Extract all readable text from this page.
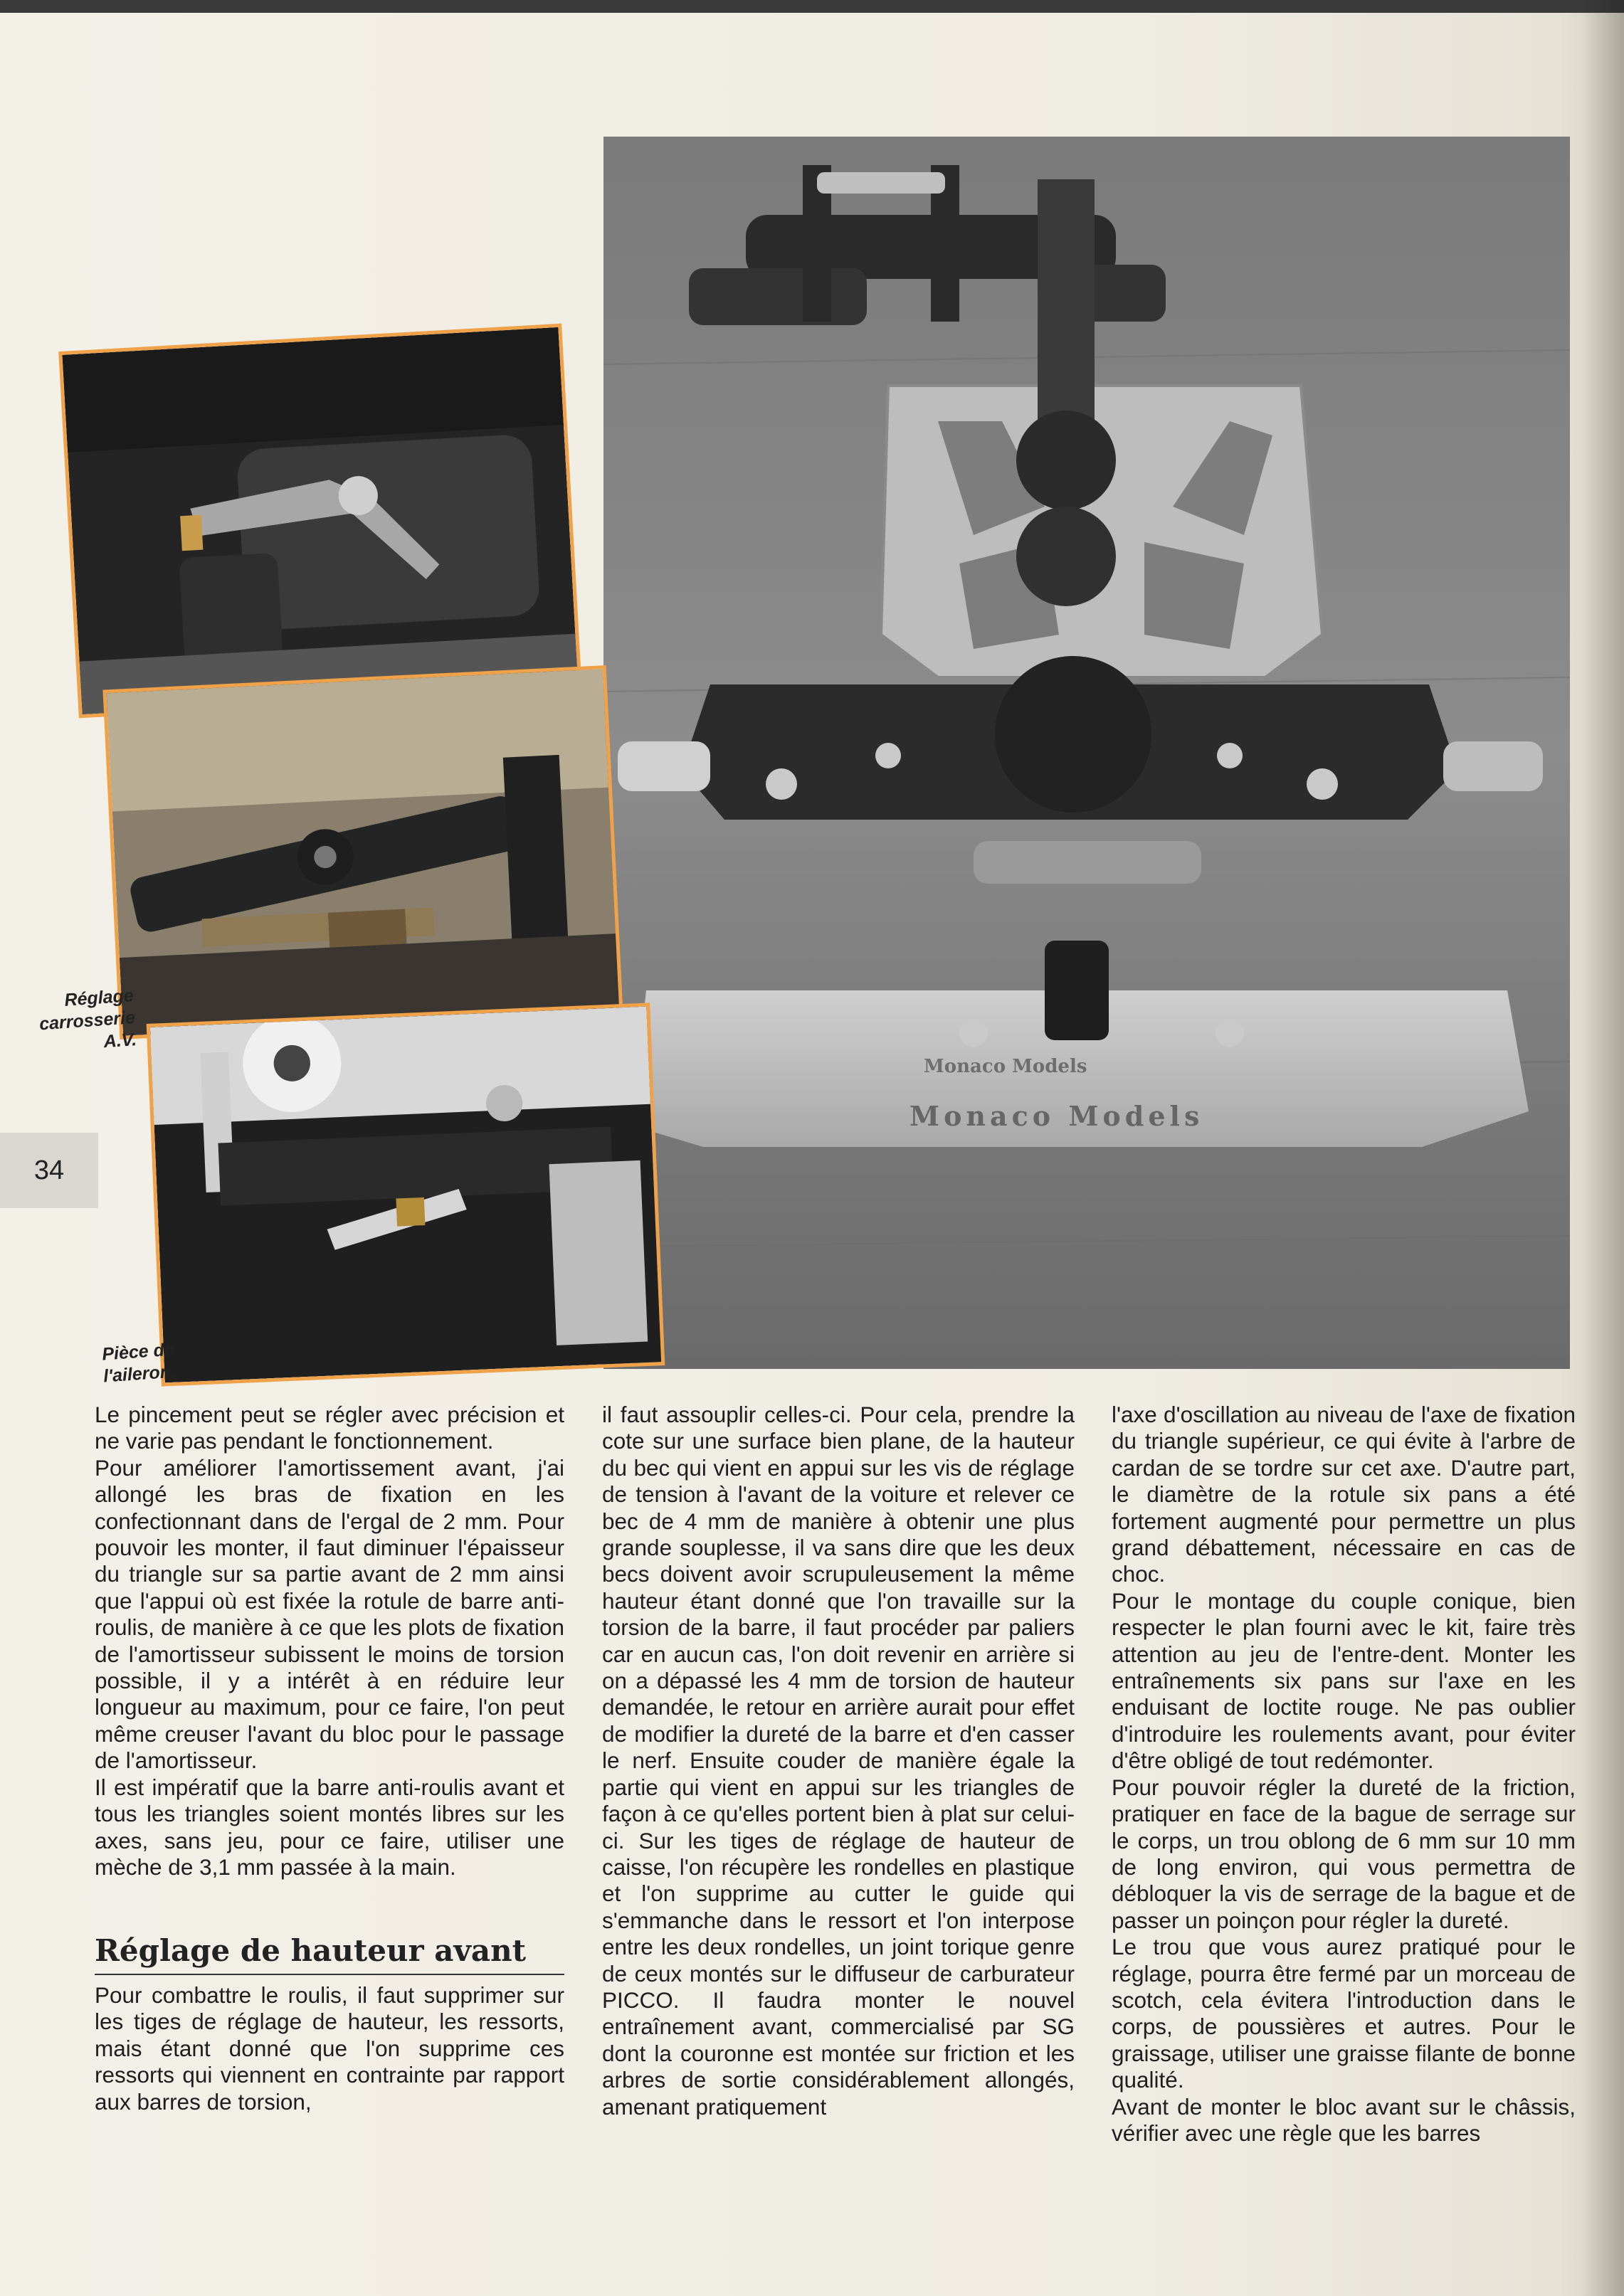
Monaco Models
Monaco Models
Réglage carrosserie A.V.
Pièce de l'aileron.
34

Le pincement peut se régler avec précision et ne varie pas pendant le fonctionnement.

Pour améliorer l'amortissement avant, j'ai allongé les bras de fixation en les confectionnant dans de l'ergal de 2 mm. Pour pouvoir les monter, il faut diminuer l'épaisseur du triangle sur sa partie avant de 2 mm ainsi que l'appui où est fixée la rotule de barre anti-roulis, de manière à ce que les plots de fixation de l'amortisseur subissent le moins de torsion possible, il y a intérêt à en réduire leur longueur au maximum, pour ce faire, l'on peut même creuser l'avant du bloc pour le passage de l'amortisseur.

Il est impératif que la barre anti-roulis avant et tous les triangles soient montés libres sur les axes, sans jeu, pour ce faire, utiliser une mèche de 3,1 mm passée à la main.

Réglage de hauteur avant

Pour combattre le roulis, il faut supprimer sur les tiges de réglage de hauteur, les ressorts, mais étant donné que l'on supprime ces ressorts qui viennent en contrainte par rapport aux barres de torsion,

il faut assouplir celles-ci. Pour cela, prendre la cote sur une surface bien plane, de la hauteur du bec qui vient en appui sur les vis de réglage de tension à l'avant de la voiture et relever ce bec de 4 mm de manière à obtenir une plus grande souplesse, il va sans dire que les deux becs doivent avoir scrupuleusement la même hauteur étant donné que l'on travaille sur la torsion de la barre, il faut procéder par paliers car en aucun cas, l'on doit revenir en arrière si on a dépassé les 4 mm de torsion de hauteur demandée, le retour en arrière aurait pour effet de modifier la dureté de la barre et d'en casser le nerf. Ensuite couder de manière égale la partie qui vient en appui sur les triangles de façon à ce qu'elles portent bien à plat sur celui-ci. Sur les tiges de réglage de hauteur de caisse, l'on récupère les rondelles en plastique et l'on supprime au cutter le guide qui s'emmanche dans le ressort et l'on interpose entre les deux rondelles, un joint torique genre de ceux montés sur le diffuseur de carburateur PICCO. Il faudra monter le nouvel entraînement avant, commercialisé par SG dont la couronne est montée sur friction et les arbres de sortie considérablement allongés, amenant pratiquement

l'axe d'oscillation au niveau de l'axe de fixation du triangle supérieur, ce qui évite à l'arbre de cardan de se tordre sur cet axe. D'autre part, le diamètre de la rotule six pans a été fortement augmenté pour permettre un plus grand débattement, nécessaire en cas de choc.

Pour le montage du couple conique, bien respecter le plan fourni avec le kit, faire très attention au jeu de l'entre-dent. Monter les entraînements six pans sur l'axe en les enduisant de loctite rouge. Ne pas oublier d'introduire les roulements avant, pour éviter d'être obligé de tout redémonter.

Pour pouvoir régler la dureté de la friction, pratiquer en face de la bague de serrage sur le corps, un trou oblong de 6 mm sur 10 mm de long environ, qui vous permettra de débloquer la vis de serrage de la bague et de passer un poinçon pour régler la dureté.

Le trou que vous aurez pratiqué pour le réglage, pourra être fermé par un morceau de scotch, cela évitera l'introduction dans le corps, de poussières et autres. Pour le graissage, utiliser une graisse filante de bonne qualité.

Avant de monter le bloc avant sur le châssis, vérifier avec une règle que les barres
